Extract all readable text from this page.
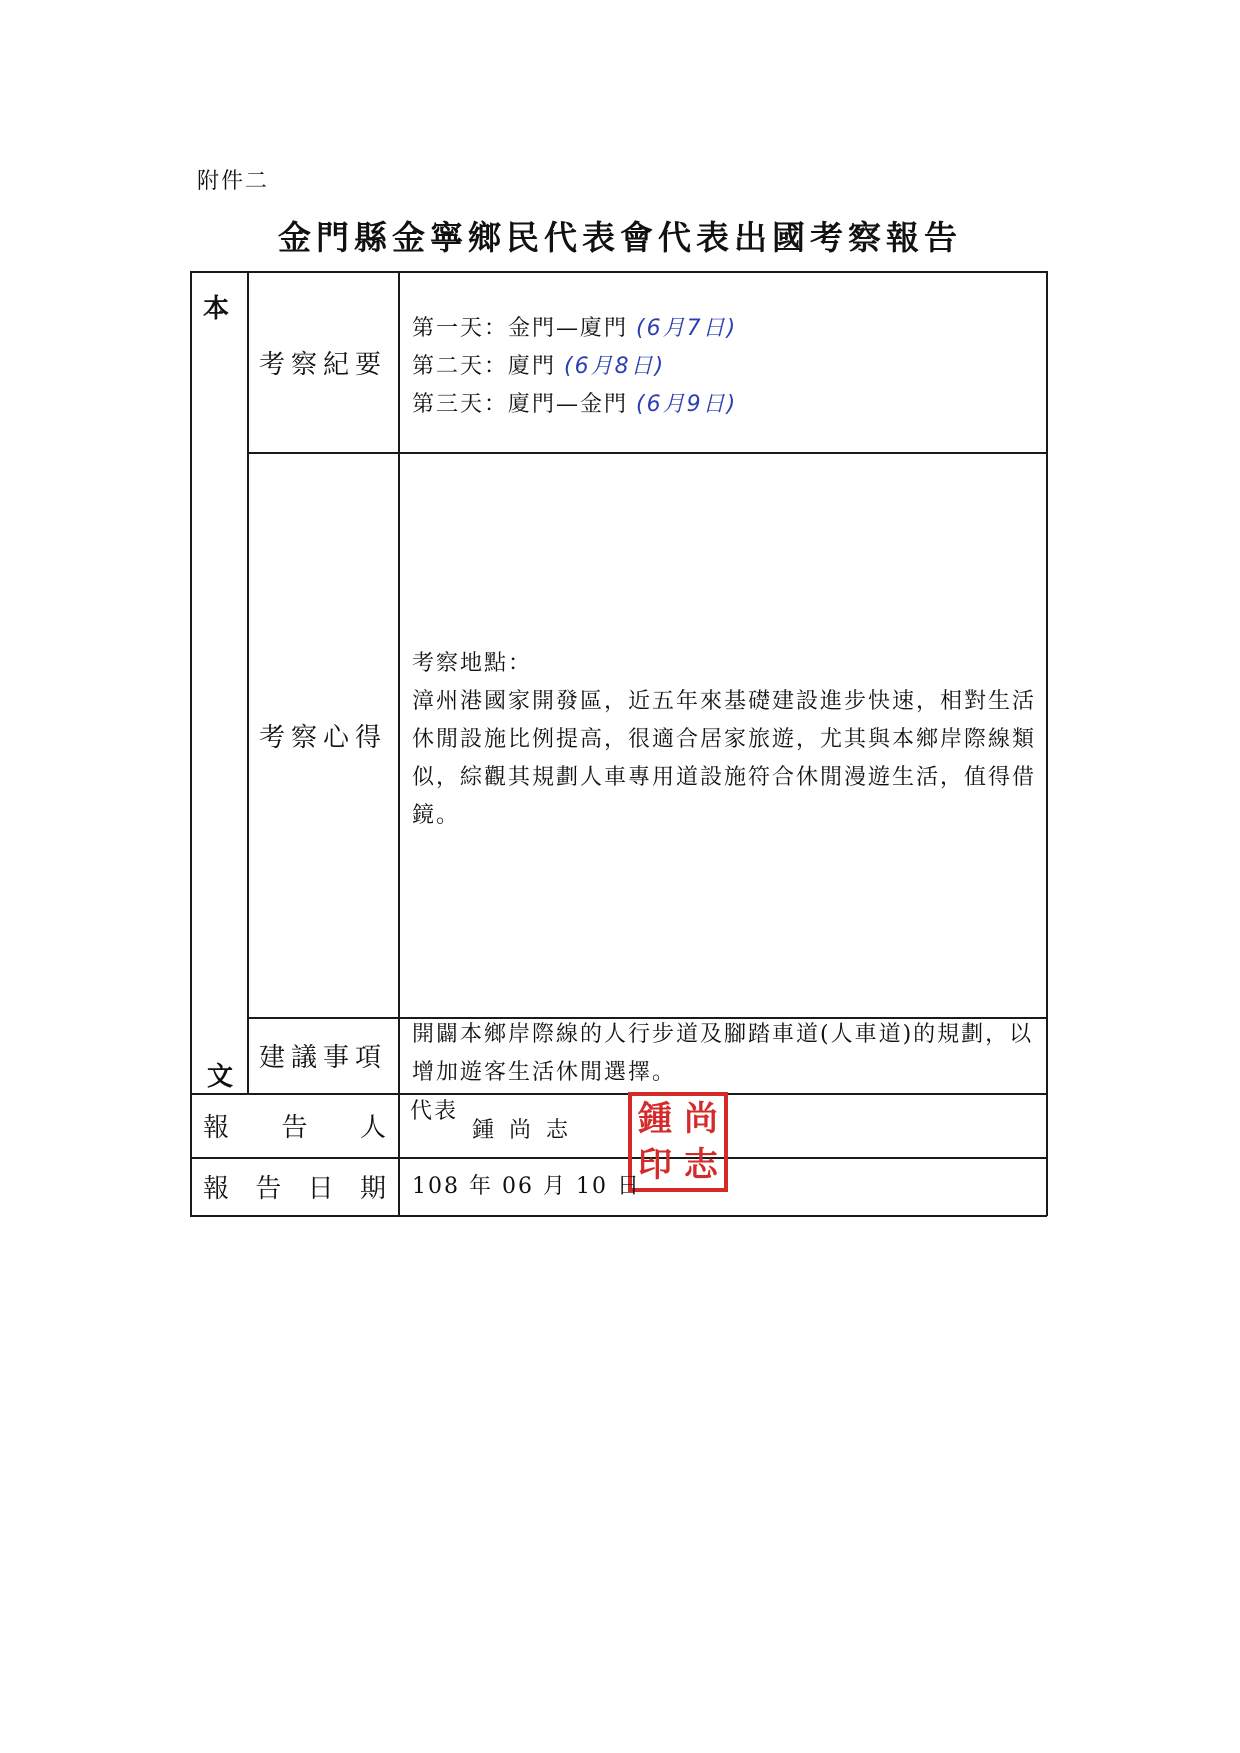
附件二
金門縣金寧鄉民代表會代表出國考察報告
本
文
考察紀要
第一天：金門—廈門 (6月7日)
第二天：廈門 (6月8日)
第三天：廈門—金門 (6月9日)
考察心得
考察地點：
漳州港國家開發區，近五年來基礎建設進步快速，相對生活
休閒設施比例提高，很適合居家旅遊，尤其與本鄉岸際線類
似，綜觀其規劃人車專用道設施符合休閒漫遊生活，值得借
鏡。
建議事項
開闢本鄉岸際線的人行步道及腳踏車道(人車道)的規劃，以
增加遊客生活休閒選擇。
報 告 人
代表
鍾 尚 志 鍾 尚
印 志
報 告 日 期 108 年 06 月 10 日
